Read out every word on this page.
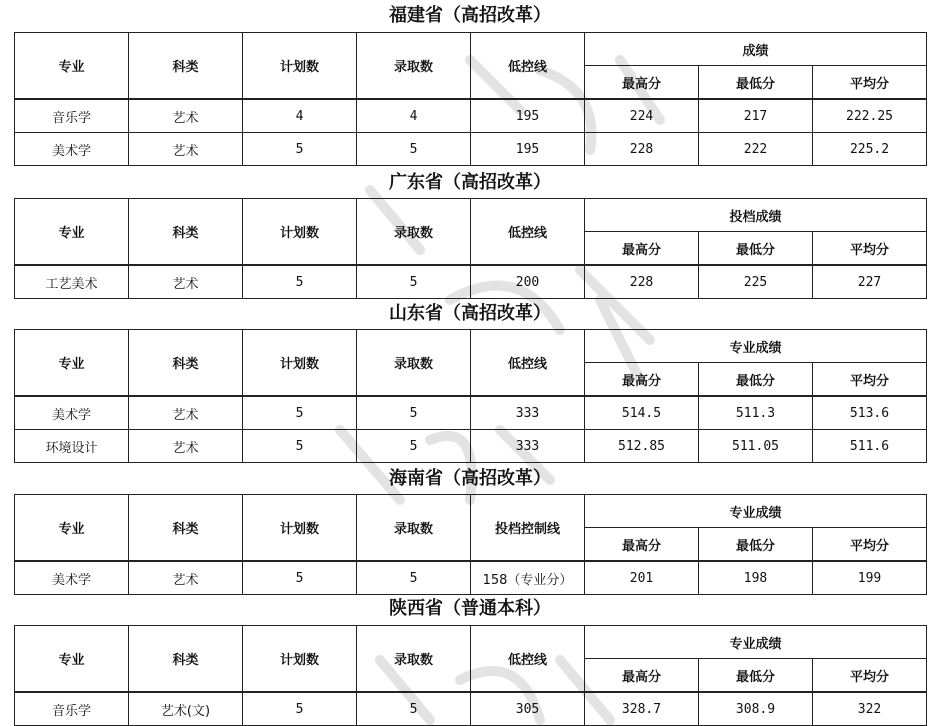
福建省（高招改革）
专业	科类	计划数	录取数	低控线	成绩		
					最高分	最低分	平均分
音乐学	艺术	4	4	195	224	217	222.25
美术学	艺术	5	5	195	228	222	225.2
广东省（高招改革）
专业	科类	计划数	录取数	低控线	投档成绩		
					最高分	最低分	平均分
工艺美术	艺术	5	5	200	228	225	227
山东省（高招改革）
专业	科类	计划数	录取数	低控线	专业成绩		
					最高分	最低分	平均分
美术学	艺术	5	5	333	514.5	511.3	513.6
环境设计	艺术	5	5	333	512.85	511.05	511.6
海南省（高招改革）
专业	科类	计划数	录取数	投档控制线	专业成绩		
					最高分	最低分	平均分
美术学	艺术	5	5	158（专业分）	201	198	199
陕西省（普通本科）
专业	科类	计划数	录取数	低控线	专业成绩		
					最高分	最低分	平均分
音乐学	艺术(文)	5	5	305	328.7	308.9	322
